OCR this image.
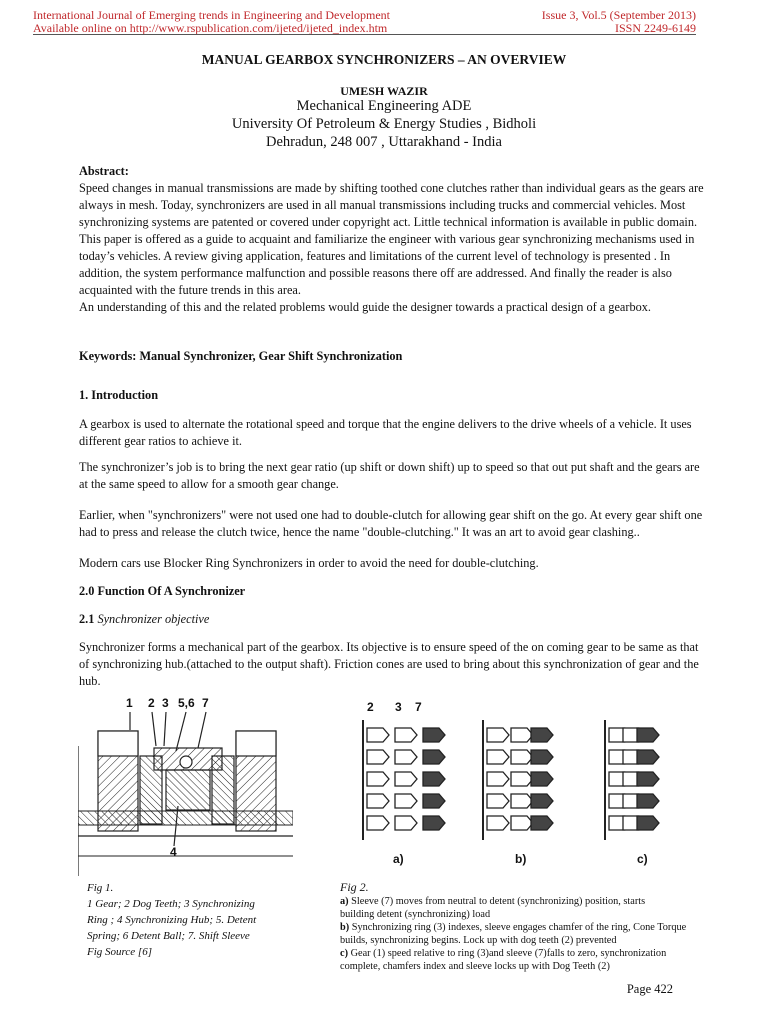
International Journal of Emerging trends in Engineering and Development	Issue 3, Vol.5 (September 2013)
Available online on http://www.rspublication.com/ijeted/ijeted_index.htm	ISSN 2249-6149
MANUAL GEARBOX SYNCHRONIZERS – AN OVERVIEW
UMESH WAZIR
Mechanical Engineering ADE
University Of Petroleum & Energy Studies , Bidholi
Dehradun, 248 007 , Uttarakhand - India

Abstract:

Speed changes in manual transmissions are made by shifting toothed cone clutches rather than individual gears as the gears are always in mesh. Today, synchronizers are used in all manual transmissions including trucks and commercial vehicles. Most synchronizing systems are patented or covered under copyright act. Little technical information is available in public domain.

This paper is offered as a guide to acquaint and familiarize the engineer with various gear synchronizing mechanisms used in today’s vehicles. A review giving application, features and limitations of the current level of technology is presented . In addition, the system performance malfunction and possible reasons there off are addressed. And finally the reader is also acquainted with the future trends in this area.

An understanding of this and the related problems would guide the designer towards a practical design of a gearbox.

Keywords: Manual Synchronizer, Gear Shift Synchronization
1. Introduction
A gearbox is used to alternate the rotational speed and torque that the engine delivers to the drive wheels of a vehicle. It uses different gear ratios to achieve it.
The synchronizer’s job is to bring the next gear ratio (up shift or down shift) up to speed so that out put shaft and the gears are at the same speed to allow for a smooth gear change.
Earlier, when "synchronizers" were not used one had to double-clutch for allowing gear shift on the go. At every gear shift one had to press and release the clutch twice, hence the name "double-clutching." It was an art to avoid gear clashing..
Modern cars use Blocker Ring Synchronizers in order to avoid the need for double-clutching.
2.0 Function Of A Synchronizer
2.1 Synchronizer objective
Synchronizer forms a mechanical part of the gearbox. Its objective is to ensure speed of the on coming gear to be same as that of synchronizing hub.(attached to the output shaft). Friction cones are used to bring about this synchronization of gear and the hub.
1 2 3 5,6 7
4
2 3 7
a)	b)	c)
Fig 1.
1 Gear; 2 Dog Teeth; 3 Synchronizing
Ring ; 4 Synchronizing Hub; 5. Detent
Spring; 6 Detent Ball; 7. Shift Sleeve
Fig Source [6]
Fig 2.
a) Sleeve (7) moves from neutral to detent (synchronizing) position, starts
building detent (synchronizing) load
b) Synchronizing ring (3) indexes, sleeve engages chamfer of the ring, Cone Torque
builds, synchronizing begins. Lock up with dog teeth (2) prevented
c) Gear (1) speed relative to ring (3)and sleeve (7)falls to zero, synchronization
complete, chamfers index and sleeve locks up with Dog Teeth (2)
Page 422
